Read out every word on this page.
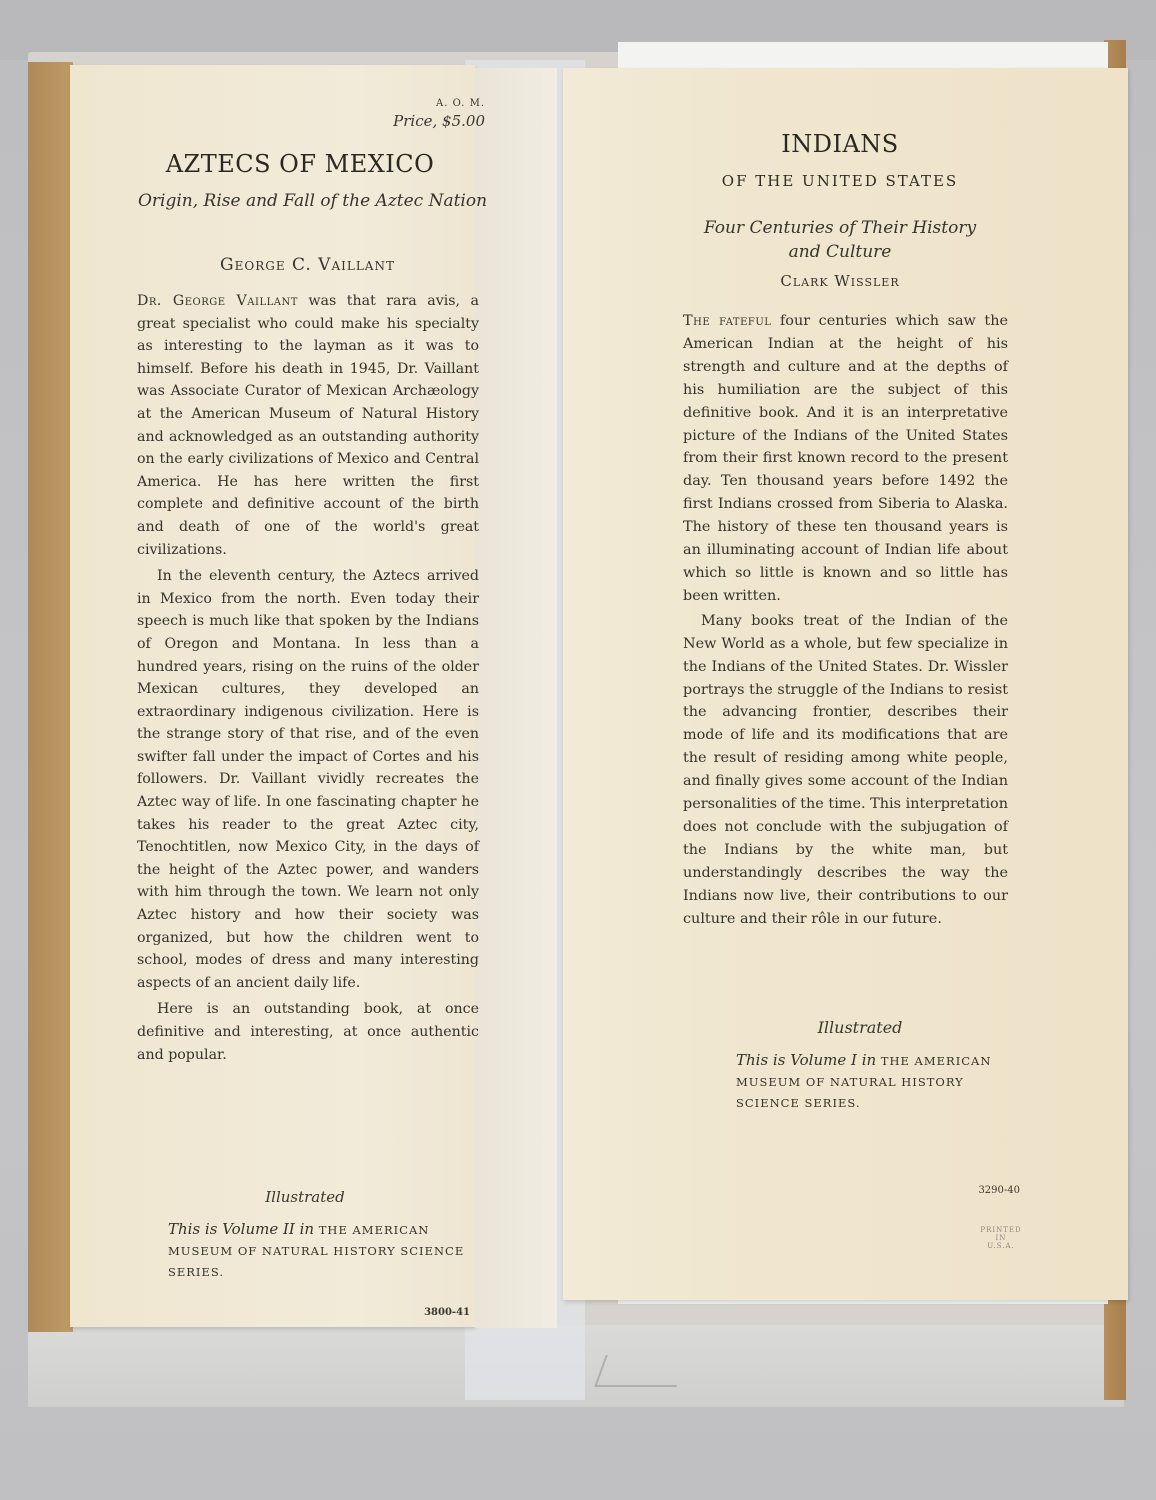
A. O. M.
Price, $5.00
AZTECS OF MEXICO
Origin, Rise and Fall of the Aztec Nation
George C. Vaillant

Dr. George Vaillant was that rara avis, a great specialist who could make his specialty as interesting to the layman as it was to himself. Before his death in 1945, Dr. Vaillant was Associate Curator of Mexican Archæology at the American Museum of Natural History and acknowledged as an outstanding authority on the early civilizations of Mexico and Central America. He has here written the first complete and definitive account of the birth and death of one of the world's great civilizations.

In the eleventh century, the Aztecs arrived in Mexico from the north. Even today their speech is much like that spoken by the Indians of Oregon and Montana. In less than a hundred years, rising on the ruins of the older Mexican cultures, they developed an extraordinary indigenous civilization. Here is the strange story of that rise, and of the even swifter fall under the impact of Cortes and his followers. Dr. Vaillant vividly recreates the Aztec way of life. In one fascinating chapter he takes his reader to the great Aztec city, Tenochtitlen, now Mexico City, in the days of the height of the Aztec power, and wanders with him through the town. We learn not only Aztec history and how their society was organized, but how the children went to school, modes of dress and many interesting aspects of an ancient daily life.

Here is an outstanding book, at once definitive and interesting, at once authentic and popular.

Illustrated
This is Volume II in THE AMERICAN MUSEUM OF NATURAL HISTORY SCIENCE SERIES.
3800-41
INDIANS
OF THE UNITED STATES
Four Centuries of Their History and Culture
Clark Wissler

The fateful four centuries which saw the American Indian at the height of his strength and culture and at the depths of his humiliation are the subject of this definitive book. And it is an interpretative picture of the Indians of the United States from their first known record to the present day. Ten thousand years before 1492 the first Indians crossed from Siberia to Alaska. The history of these ten thousand years is an illuminating account of Indian life about which so little is known and so little has been written.

Many books treat of the Indian of the New World as a whole, but few specialize in the Indians of the United States. Dr. Wissler portrays the struggle of the Indians to resist the advancing frontier, describes their mode of life and its modifications that are the result of residing among white people, and finally gives some account of the Indian personalities of the time. This interpretation does not conclude with the subjugation of the Indians by the white man, but understandingly describes the way the Indians now live, their contributions to our culture and their rôle in our future.

Illustrated
This is Volume I in THE AMERICAN MUSEUM OF NATURAL HISTORY SCIENCE SERIES.
3290-40
PRINTED
IN
U.S.A.
